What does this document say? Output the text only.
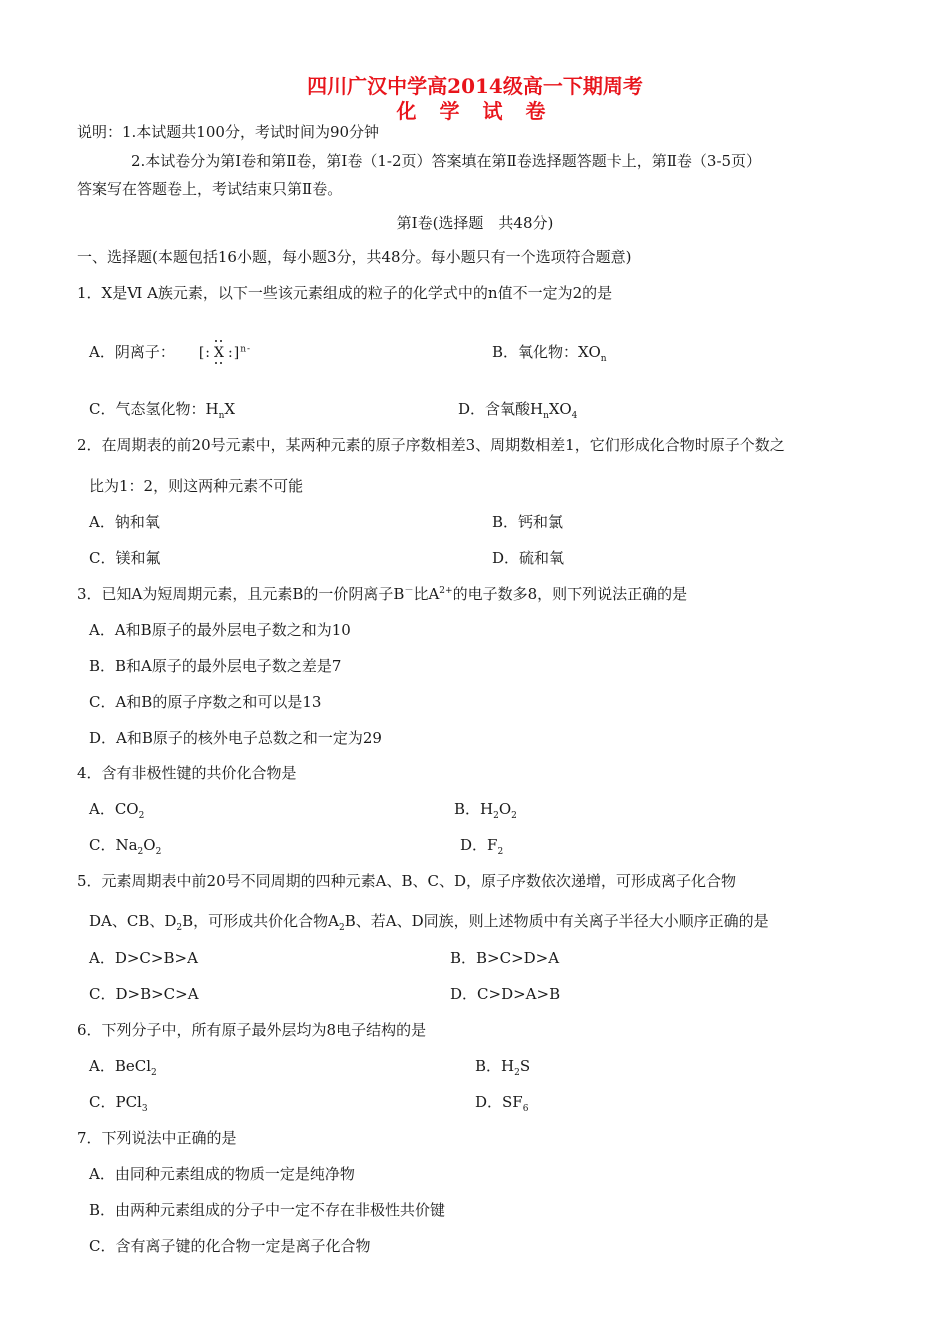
四川广汉中学高2014级高一下期周考
化 学 试 卷
说明：1.本试题共100分，考试时间为90分钟
2.本试卷分为第Ⅰ卷和第Ⅱ卷，第Ⅰ卷（1-2页）答案填在第Ⅱ卷选择题答题卡上，第Ⅱ卷（3-5页）
答案写在答题卷上，考试结束只第Ⅱ卷。
第Ⅰ卷(选择题　共48分)
一、选择题(本题包括16小题，每小题3分，共48分。每小题只有一个选项符合题意)
1．X是Ⅵ A族元素，以下一些该元素组成的粒子的化学式中的n值不一定为2的是
A．阴离子： [: X :]$^{n-}$	B．氧化物：$XO_n$
C．气态氢化物：$H_nX$	D．含氧酸$H_nXO_4$
2．在周期表的前20号元素中，某两种元素的原子序数相差3、周期数相差1，它们形成化合物时原子个数之
比为1：2，则这两种元素不可能
A．钠和氧	B．钙和氯
C．镁和氟	D．硫和氧
3．已知A为短周期元素，且元素B的一价阴离子B－比$A^{2+}$的电子数多8，则下列说法正确的是
A．A和B原子的最外层电子数之和为10
B．B和A原子的最外层电子数之差是7
C．A和B的原子序数之和可以是13
D．A和B原子的核外电子总数之和一定为29
4．含有非极性键的共价化合物是
A．$CO_2$	B．$H_2O_2$
C．$Na_2O_2$	D．$F_2$
5．元素周期表中前20号不同周期的四种元素A、B、C、D，原子序数依次递增，可形成离子化合物
DA、CB、$D_2B$，可形成共价化合物$A_2B$、若A、D同族，则上述物质中有关离子半径大小顺序正确的是
A．D>C>B>A	B．B>C>D>A
C．D>B>C>A	D．C>D>A>B
6．下列分子中，所有原子最外层均为8电子结构的是
A．BeCl$_2$	B．$H_2S$
C．PCl$_3$	D．$SF_6$
7．下列说法中正确的是
A．由同种元素组成的物质一定是纯净物
B．由两种元素组成的分子中一定不存在非极性共价键
C．含有离子键的化合物一定是离子化合物
